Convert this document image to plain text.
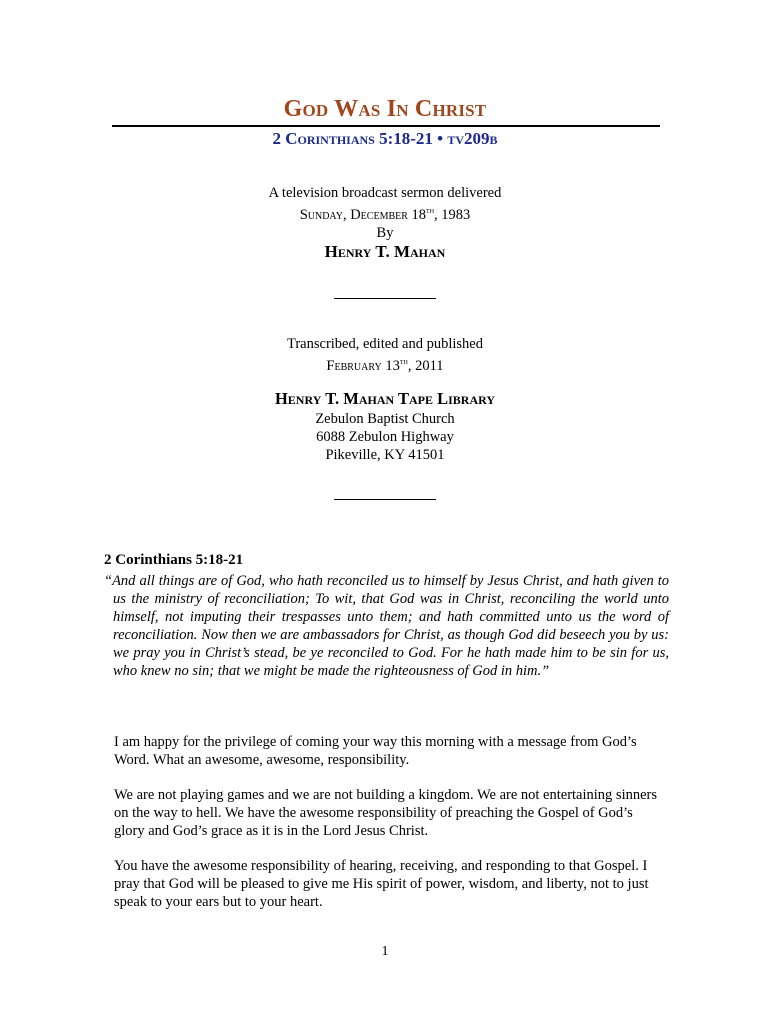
God Was In Christ
2 Corinthians 5:18-21 • tv209b
A television broadcast sermon delivered
Sunday, December 18th, 1983
By
Henry T. Mahan
Transcribed, edited and published
February 13th, 2011
Henry T. Mahan Tape Library
Zebulon Baptist Church
6088 Zebulon Highway
Pikeville, KY 41501
2 Corinthians 5:18-21
“And all things are of God, who hath reconciled us to himself by Jesus Christ, and hath given to us the ministry of reconciliation; To wit, that God was in Christ, reconciling the world unto himself, not imputing their trespasses unto them; and hath committed unto us the word of reconciliation. Now then we are ambassadors for Christ, as though God did beseech you by us: we pray you in Christ’s stead, be ye reconciled to God. For he hath made him to be sin for us, who knew no sin; that we might be made the righteousness of God in him.”
I am happy for the privilege of coming your way this morning with a message from God’s Word. What an awesome, awesome, responsibility.
We are not playing games and we are not building a kingdom. We are not entertaining sinners on the way to hell. We have the awesome responsibility of preaching the Gospel of God’s glory and God’s grace as it is in the Lord Jesus Christ.
You have the awesome responsibility of hearing, receiving, and responding to that Gospel. I pray that God will be pleased to give me His spirit of power, wisdom, and liberty, not to just speak to your ears but to your heart.
1
